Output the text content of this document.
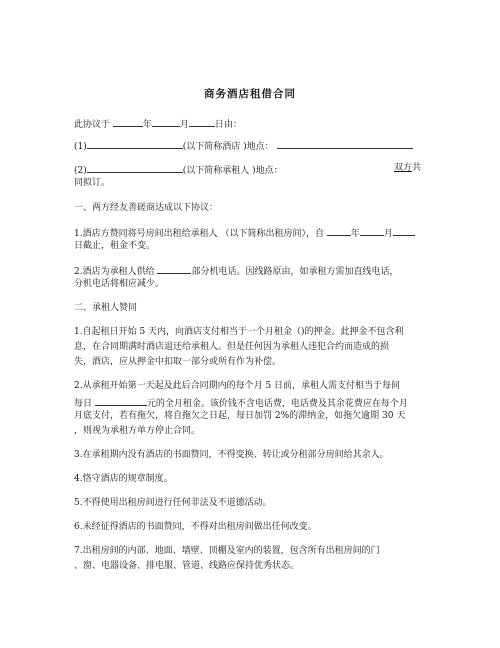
商务酒店租借合同
此协议于	年	月	日由：
(1)	(以下简称酒店 )地点：
(2)	(以下简称承租人 )地点：	双方共
同拟订。
一、两方经友善磋商达成以下协议：
1.酒店方赞同将号房间出租给承租人 （以下简称出租房间），自	年	月
日截止，租金不变。
2.酒店为承租人供给	部分机电话。因线路原由，如承租方需加直线电话，
分机电话将相应减少。
二、承租人赞同
1.自起租日开始 5 天内，向酒店支付相当于一个月租金（)的押金。此押金不包含利
息，在合同期满时酒店退还给承租人。但是任何因为承租人违犯合约而造成的损
失，酒店，应从押金中扣取一部分或所有作为补偿。
2.从承租开始第一天起及此后合同期内的每个月 5 日前，承租人需支付相当于每间
每日	元的全月租金。该价钱不含电话费，电话费及其余花费应在每个月
月底支付，若有拖欠，将自拖欠之日起，每日加罚 2%的滞纳金，如拖欠逾期 30 天
，则视为承租方单方停止合同。
3.在承租期内没有酒店的书面赞同，不得变换、转让或分租部分房间给其余人。
4.恪守酒店的规章制度。
5.不得使用出租房间进行任何非法及不道德活动。
6.未经征得酒店的书面赞同，不得对出租房间做出任何改变。
7.出租房间的内部、地面、墙壁、顶棚及室内的装置，包含所有出租房间的门
、窗、电器设备、排电服、管道、线路应保持优秀状态。
